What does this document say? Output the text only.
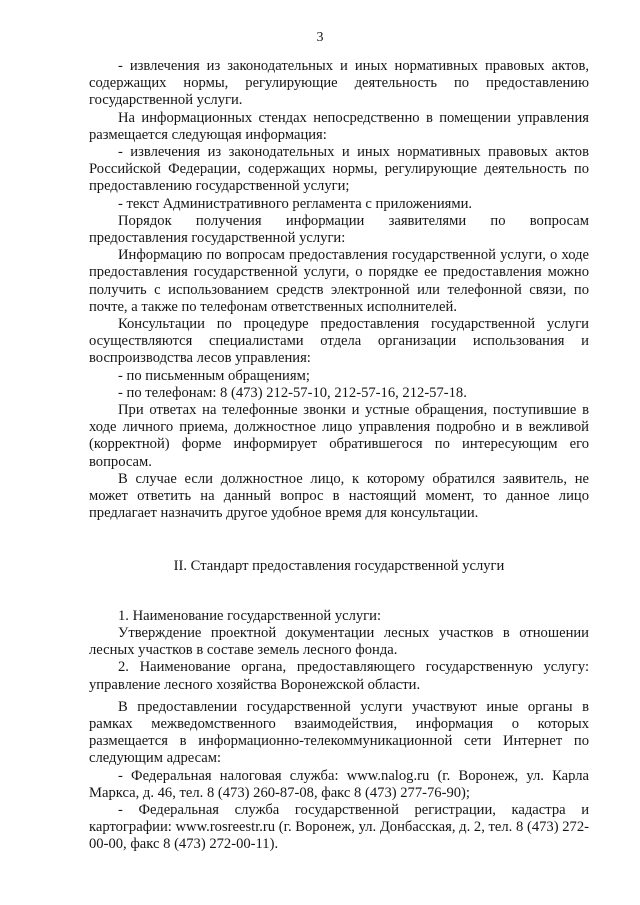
3

- извлечения из законодательных и иных нормативных правовых актов, содержащих нормы, регулирующие деятельность по предоставлению государственной услуги.

На информационных стендах непосредственно в помещении управления размещается следующая информация:

- извлечения из законодательных и иных нормативных правовых актов Российской Федерации, содержащих нормы, регулирующие деятельность по предоставлению государственной услуги;

- текст Административного регламента с приложениями.

Порядок получения информации заявителями по вопросам

предоставления государственной услуги:

Информацию по вопросам предоставления государственной услуги, о ходе предоставления государственной услуги, о порядке ее предоставления можно получить с использованием средств электронной или телефонной связи, по почте, а также по телефонам ответственных исполнителей.

Консультации по процедуре предоставления государственной услуги осуществляются специалистами отдела организации использования и воспроизводства лесов управления:

- по письменным обращениям;

- по телефонам: 8 (473) 212-57-10, 212-57-16, 212-57-18.

При ответах на телефонные звонки и устные обращения, поступившие в ходе личного приема, должностное лицо управления подробно и в вежливой (корректной) форме информирует обратившегося по интересующим его вопросам.

В случае если должностное лицо, к которому обратился заявитель, не может ответить на данный вопрос в настоящий момент, то данное лицо предлагает назначить другое удобное время для консультации.

II. Стандарт предоставления государственной услуги

1. Наименование государственной услуги:

Утверждение проектной документации лесных участков в отношении лесных участков в составе земель лесного фонда.

2. Наименование органа, предоставляющего государственную услугу: управление лесного хозяйства Воронежской области.

В предоставлении государственной услуги участвуют иные органы в рамках межведомственного взаимодействия, информация о которых размещается в информационно-телекоммуникационной сети Интернет по следующим адресам:

- Федеральная налоговая служба: www.nalog.ru (г. Воронеж, ул. Карла Маркса, д. 46, тел. 8 (473) 260-87-08, факс 8 (473) 277-76-90);

- Федеральная служба государственной регистрации, кадастра и картографии: www.rosreestr.ru (г. Воронеж, ул. Донбасская, д. 2, тел. 8 (473) 272-00-00, факс 8 (473) 272-00-11).
